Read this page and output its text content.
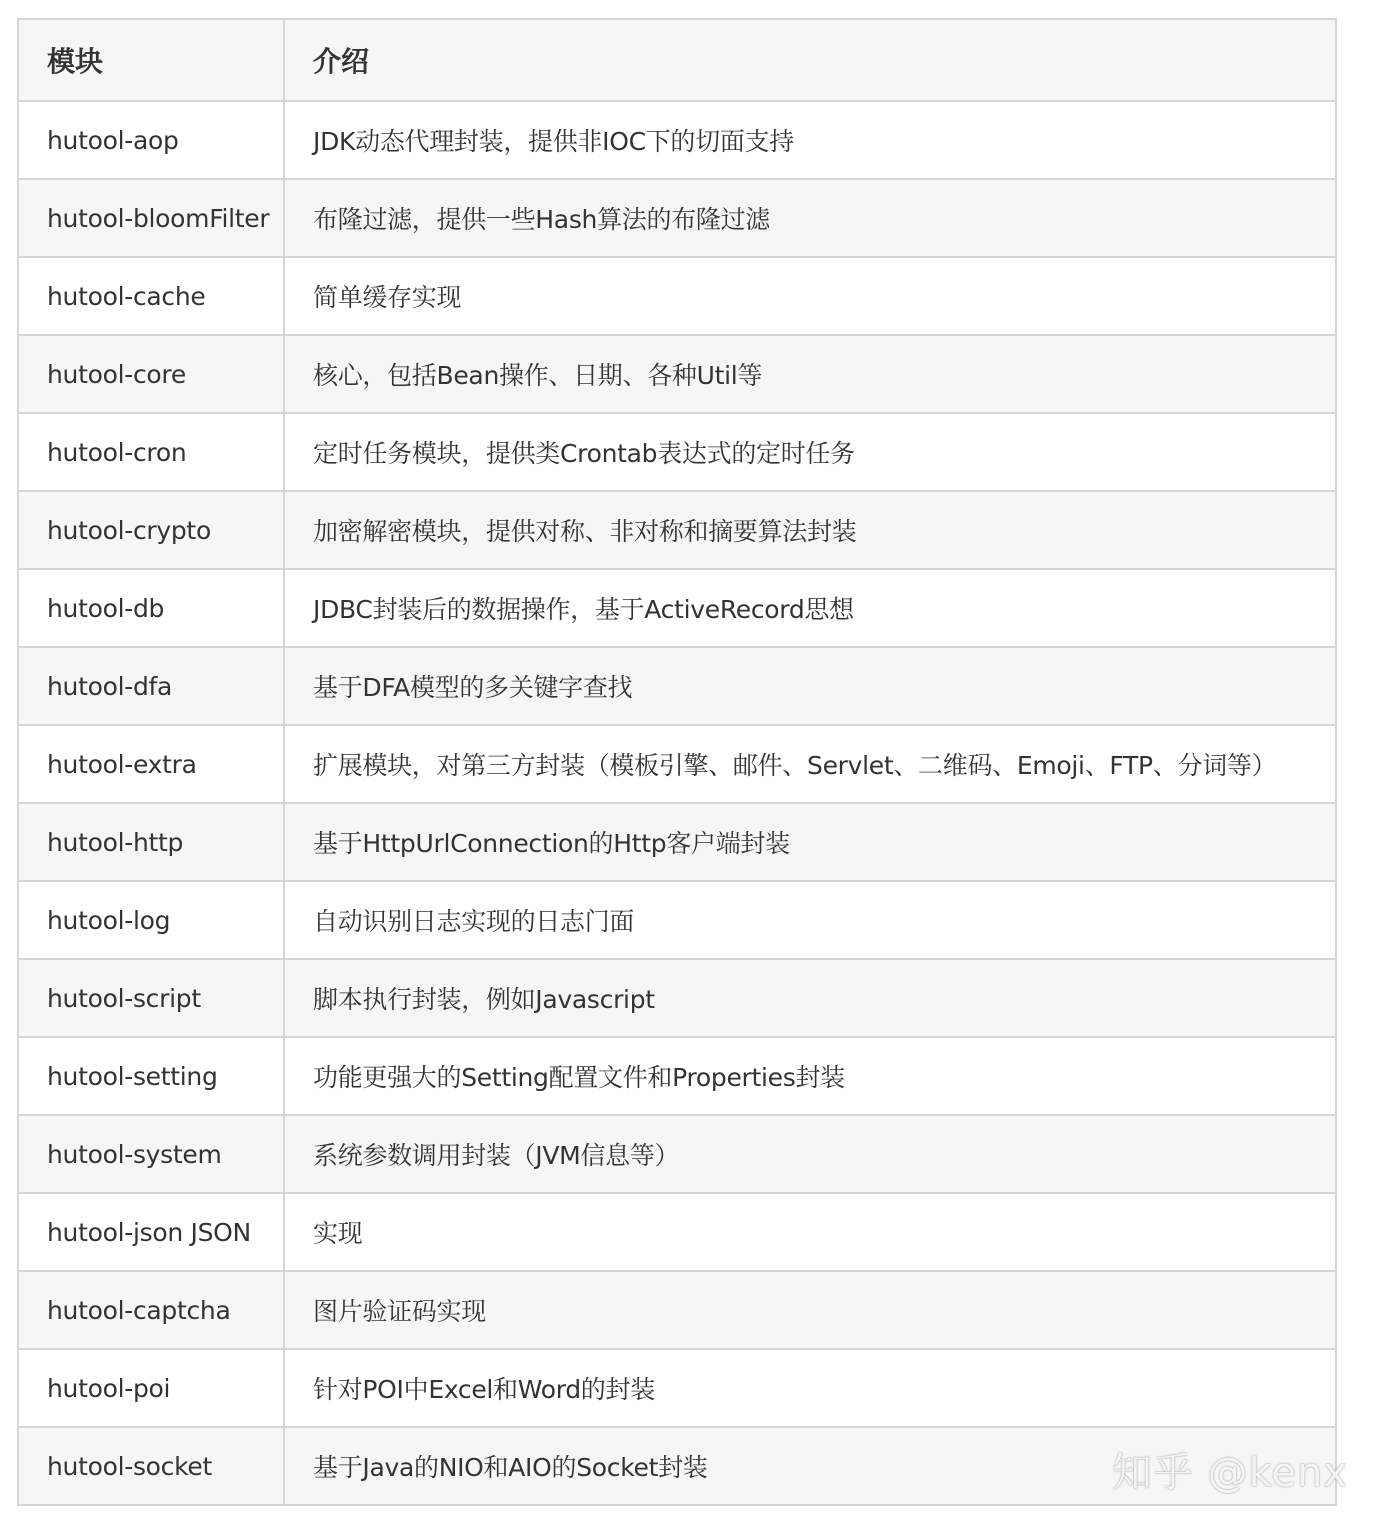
模块	介绍
hutool-aop	JDK动态代理封装，提供非IOC下的切面支持
hutool-bloomFilter	布隆过滤，提供一些Hash算法的布隆过滤
hutool-cache	简单缓存实现
hutool-core	核心，包括Bean操作、日期、各种Util等
hutool-cron	定时任务模块，提供类Crontab表达式的定时任务
hutool-crypto	加密解密模块，提供对称、非对称和摘要算法封装
hutool-db	JDBC封装后的数据操作，基于ActiveRecord思想
hutool-dfa	基于DFA模型的多关键字查找
hutool-extra	扩展模块，对第三方封装（模板引擎、邮件、Servlet、二维码、Emoji、FTP、分词等）
hutool-http	基于HttpUrlConnection的Http客户端封装
hutool-log	自动识别日志实现的日志门面
hutool-script	脚本执行封装，例如Javascript
hutool-setting	功能更强大的Setting配置文件和Properties封装
hutool-system	系统参数调用封装（JVM信息等）
hutool-json JSON	实现
hutool-captcha	图片验证码实现
hutool-poi	针对POI中Excel和Word的封装
hutool-socket	基于Java的NIO和AIO的Socket封装	知乎 @kenx
